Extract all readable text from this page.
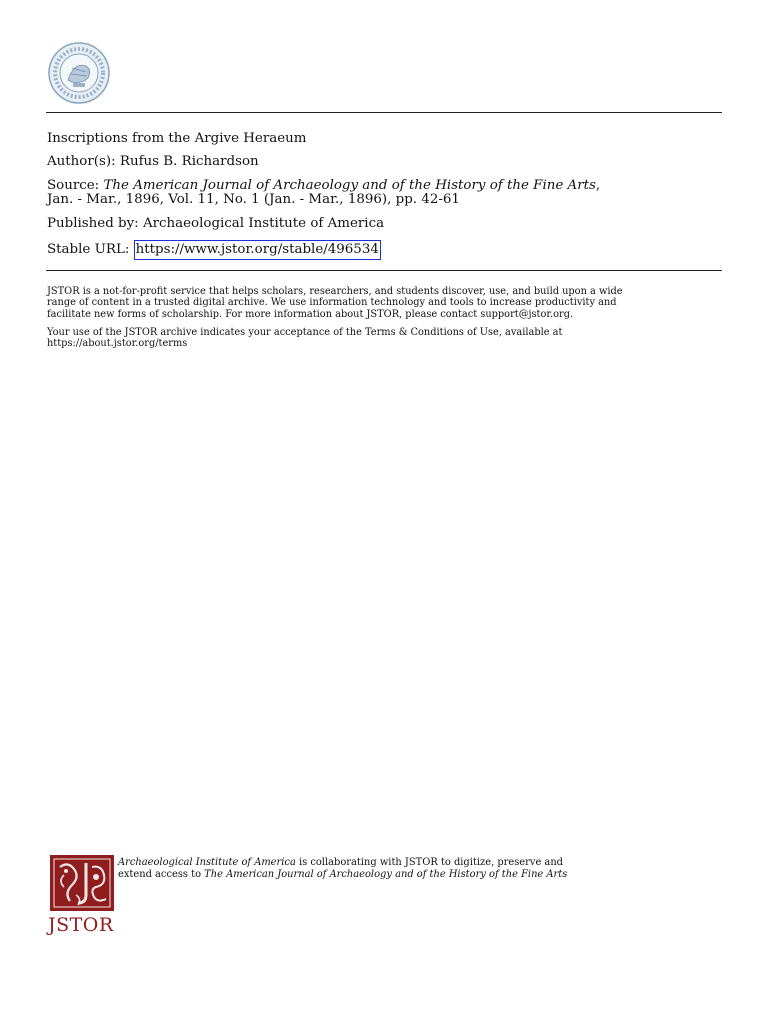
Inscriptions from the Argive Heraeum
Author(s): Rufus B. Richardson
Source: The American Journal of Archaeology and of the History of the Fine Arts,
Jan. - Mar., 1896, Vol. 11, No. 1 (Jan. - Mar., 1896), pp. 42-61
Published by: Archaeological Institute of America
Stable URL: https://www.jstor.org/stable/496534
JSTOR is a not-for-profit service that helps scholars, researchers, and students discover, use, and build upon a wide
range of content in a trusted digital archive. We use information technology and tools to increase productivity and
facilitate new forms of scholarship. For more information about JSTOR, please contact support@jstor.org.
Your use of the JSTOR archive indicates your acceptance of the Terms & Conditions of Use, available at
https://about.jstor.org/terms
JSTOR
Archaeological Institute of America is collaborating with JSTOR to digitize, preserve and
extend access to The American Journal of Archaeology and of the History of the Fine Arts
